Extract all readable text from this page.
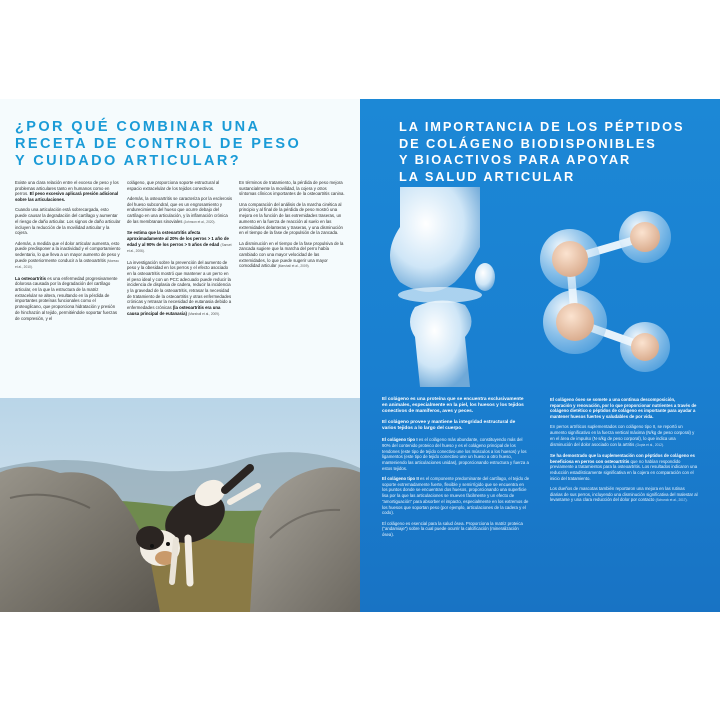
¿POR QUÉ COMBINAR UNA
RECETA DE CONTROL DE PESO
Y CUIDADO ARTICULAR?

Existe una clara relación entre el exceso de peso y los problemas articulares tanto en humanos como en perros. El peso excesivo aplicará presión adicional sobre las articulaciones.

Cuando una articulación está sobrecargada, esto puede causar la degradación del cartílago y aumentar el riesgo de daño articular. Los signos de daño articular incluyen la reducción de la movilidad articular y la cojera.

Además, a medida que el dolor articular aumenta, esto puede predisponer a la inactividad y el comportamiento sedentario, lo que lleva a un mayor aumento de peso y puede posteriormente conducir a la osteoartritis (Moreau et al., 2010).

La osteoartritis es una enfermedad progresivamente dolorosa causada por la degradación del cartílago articular, en la que la estructura de la matriz extracelular se altera, resultando en la pérdida de importantes proteínas funcionales como el proteoglicano, que proporciona hidratación y presión de hinchazón al tejido, permitiéndole soportar fuerzas de compresión, y el

colágeno, que proporciona soporte estructural al espacio extracelular de los tejidos conectivos.

Además, la osteoartritis se caracteriza por la esclerosis del hueso subcondral, que es un engrosamiento y endurecimiento del hueso que ocurre debajo del cartílago en una articulación, y la inflamación crónica de las membranas sinoviales (Johnson et al., 2020).

Se estima que la osteoartritis afecta aproximadamente al 20% de los perros > 1 año de edad y al 90% de los perros > 5 años de edad (Sanset et al., 2006).

La investigación sobre la prevención del aumento de peso y la obesidad en los perros y el efecto asociado en la osteoartritis mostró que mantener a un perro en el peso ideal y con un PCC adecuado puede reducir la incidencia de displasia de cadera, reducir la incidencia y la gravedad de la osteoartritis, retrasar la necesidad de tratamiento de la osteoartritis y otras enfermedades crónicas y retrasar la necesidad de eutanasia debido a enfermedades crónicas (la osteoartritis era una causa principal de eutanasia) (Marshall et al., 2009).

En términos de tratamiento, la pérdida de peso mejora sustancialmente la movilidad, la cojera y otros síntomas clínicos importantes de la osteoartritis canina.

Una comparación del análisis de la marcha cinética al principio y al final de la pérdida de peso mostró una mejora en la función de las extremidades traseras, un aumento en la fuerza de reacción al suelo en las extremidades delanteras y traseras, y una disminución en el tiempo de la fase de propulsión de la zancada.

La disminución en el tiempo de la fase propulsiva de la zancada sugiere que la marcha del perro había cambiado con una mayor velocidad de las extremidades, lo que puede sugerir una mayor comodidad articular (Marshall et al., 2009).

LA IMPORTANCIA DE LOS PÉPTIDOS
DE COLÁGENO BIODISPONIBLES
Y BIOACTIVOS PARA APOYAR
LA SALUD ARTICULAR

El colágeno es una proteína que se encuentra exclusivamente en animales, especialmente en la piel, los huesos y los tejidos conectivos de mamíferos, aves y peces.

El colágeno provee y mantiene la integridad estructural de varios tejidos a lo largo del cuerpo.

El colágeno tipo I es el colágeno más abundante, constituyendo más del 90% del contenido proteico del hueso y es el colágeno principal de los tendones (este tipo de tejido conectivo une los músculos a los huesos) y los ligamentos (este tipo de tejido conectivo une un hueso a otro hueso, manteniendo las articulaciones unidas), proporcionando estructura y fuerza a estos tejidos.

El colágeno tipo II es el componente predominante del cartílago, el tejido de soporte extremadamente fuerte, flexible y semirrígido que se encuentra en los puntos donde se encuentran dos huesos, proporcionando una superficie lisa por la que las articulaciones se mueven fácilmente y un efecto de "amortiguación" para absorber el impacto, especialmente en los extremos de los huesos que soportan peso (por ejemplo, articulaciones de la cadera y el codo).

El colágeno es esencial para la salud ósea. Proporciona la matriz proteica ("andamiaje") sobre la cual puede ocurrir la calcificación (mineralización ósea).

El colágeno óseo se somete a una continua descomposición, reparación y renovación, por lo que proporcionar nutrientes a través de colágeno dietético o péptidos de colágeno es importante para ayudar a mantener huesos fuertes y saludables de por vida.

En perros artríticos suplementados con colágeno tipo II, se reportó un aumento significativo en la fuerza vertical máxima (N/kg de peso corporal) y en el área de impulso (N·s/kg de peso corporal), lo que indica una disminución del dolor asociado con la artritis (Gupta et al., 2012).

Se ha demostrado que la suplementación con péptidos de colágeno es beneficiosa en perros con osteoartritis que no habían respondido previamente a tratamientos para la osteoartritis. Los resultados indicaron una reducción estadísticamente significativa en la cojera en comparación con el inicio del tratamiento.

Los dueños de mascotas también reportaron una mejora en las rutinas diarias de sus perros, incluyendo una disminución significativa del malestar al levantarse y una clara reducción del dolor por contacto (Schunck et al., 2017).
